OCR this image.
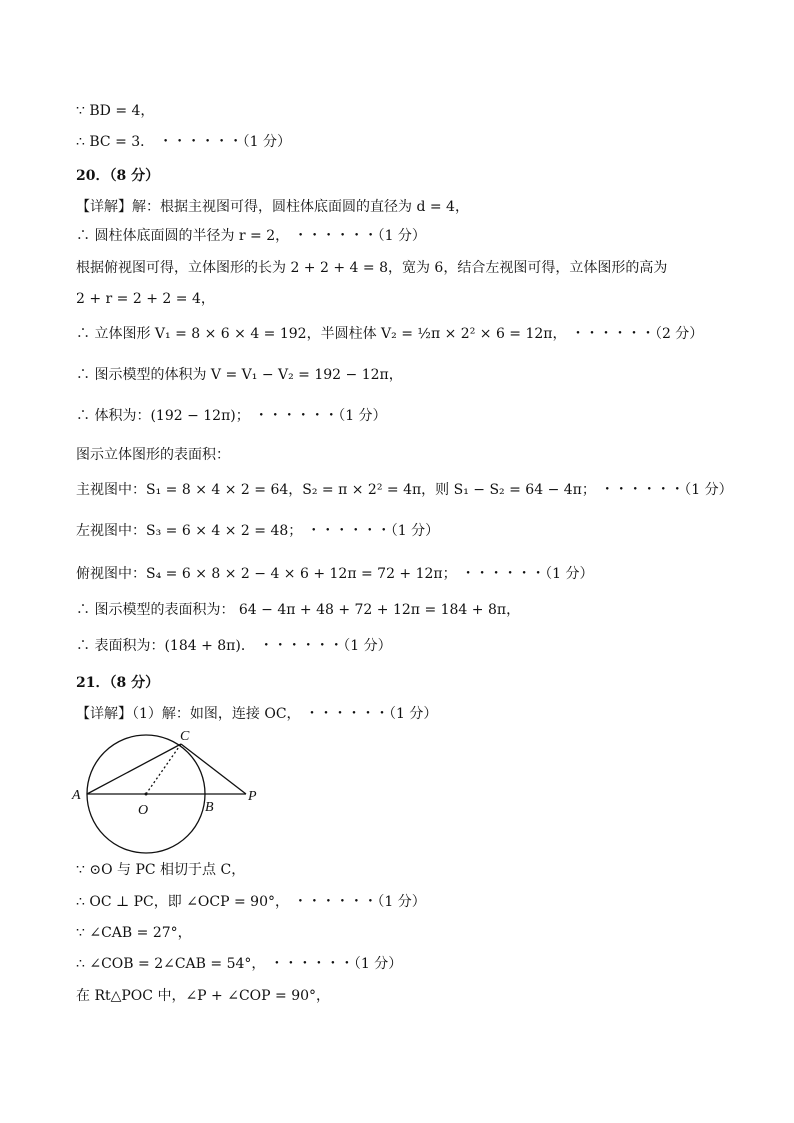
∵ BD = 4，
∴ BC = 3． ・・・・・・（1 分）
20．（8 分）
【详解】解：根据主视图可得，圆柱体底面圆的直径为 d = 4，
∴ 圆柱体底面圆的半径为 r = 2， ・・・・・・（1 分）
根据俯视图可得，立体图形的长为 2 + 2 + 4 = 8，宽为 6，结合左视图可得，立体图形的高为
2 + r = 2 + 2 = 4，
∴ 立体图形 V₁ = 8 × 6 × 4 = 192，半圆柱体 V₂ = ½π × 2² × 6 = 12π， ・・・・・・（2 分）
∴ 图示模型的体积为 V = V₁ − V₂ = 192 − 12π，
∴ 体积为：(192 − 12π)； ・・・・・・（1 分）
图示立体图形的表面积：
主视图中：S₁ = 8 × 4 × 2 = 64，S₂ = π × 2² = 4π，则 S₁ − S₂ = 64 − 4π； ・・・・・・（1 分）
左视图中：S₃ = 6 × 4 × 2 = 48； ・・・・・・（1 分）
俯视图中：S₄ = 6 × 8 × 2 − 4 × 6 + 12π = 72 + 12π； ・・・・・・（1 分）
∴ 图示模型的表面积为： 64 − 4π + 48 + 72 + 12π = 184 + 8π，
∴ 表面积为：(184 + 8π)． ・・・・・・（1 分）
21．（8 分）
【详解】（1）解：如图，连接 OC， ・・・・・・（1 分）
C
A
O	B
P
∵ ⊙O 与 PC 相切于点 C，
∴ OC ⊥ PC，即 ∠OCP = 90°， ・・・・・・（1 分）
∵ ∠CAB = 27°，
∴ ∠COB = 2∠CAB = 54°， ・・・・・・（1 分）
在 Rt△POC 中，∠P + ∠COP = 90°，
